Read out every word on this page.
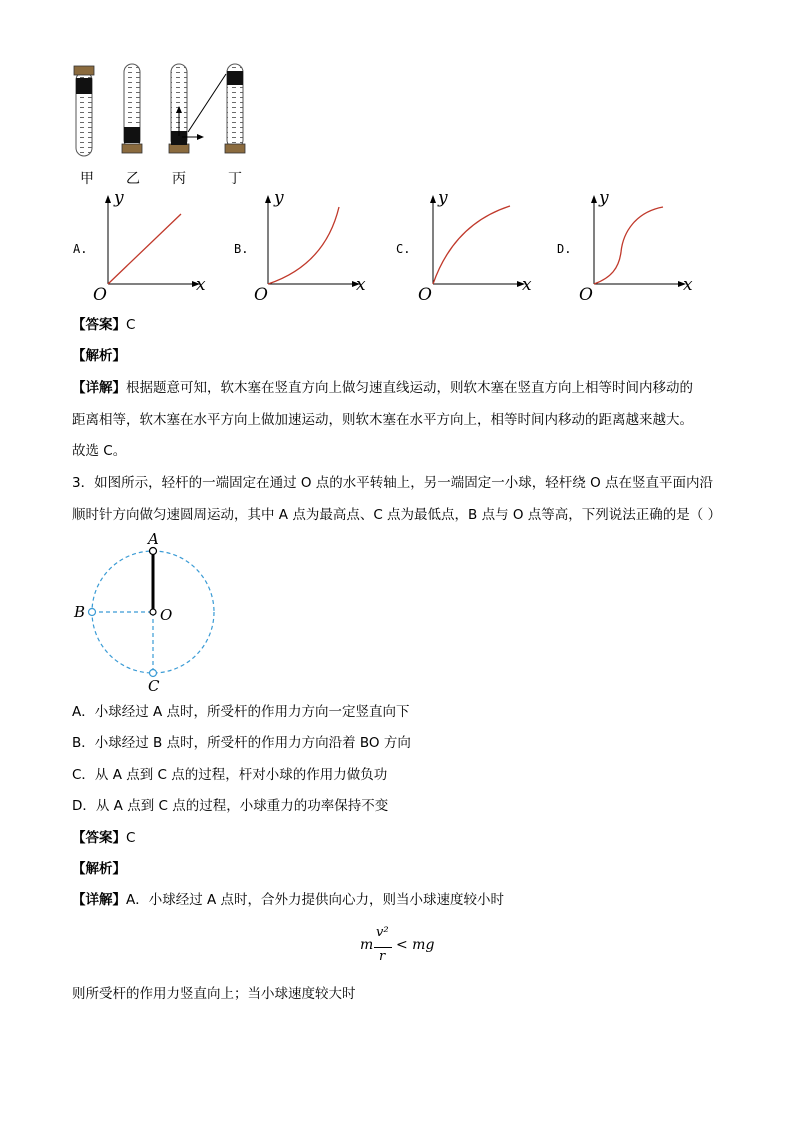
甲 乙 丙	丁
A.
y
x
O
B.
y
x
O
C.
y
x
O
D.
y
x
O
【答案】C
【解析】
【详解】根据题意可知，软木塞在竖直方向上做匀速直线运动，则软木塞在竖直方向上相等时间内移动的
距离相等，软木塞在水平方向上做加速运动，则软木塞在水平方向上，相等时间内移动的距离越来越大。
故选 C。
3．如图所示，轻杆的一端固定在通过 O 点的水平转轴上，另一端固定一小球，轻杆绕 O 点在竖直平面内沿
顺时针方向做匀速圆周运动，其中 A 点为最高点、C 点为最低点，B 点与 O 点等高，下列说法正确的是（ ）
A
B	O
C
A．小球经过 A 点时，所受杆的作用力方向一定竖直向下
B．小球经过 B 点时，所受杆的作用力方向沿着 BO 方向
C．从 A 点到 C 点的过程，杆对小球的作用力做负功
D．从 A 点到 C 点的过程，小球重力的功率保持不变
【答案】C
【解析】
【详解】A．小球经过 A 点时，合外力提供向心力，则当小球速度较小时
m
v²
r
< mg
则所受杆的作用力竖直向上；当小球速度较大时
